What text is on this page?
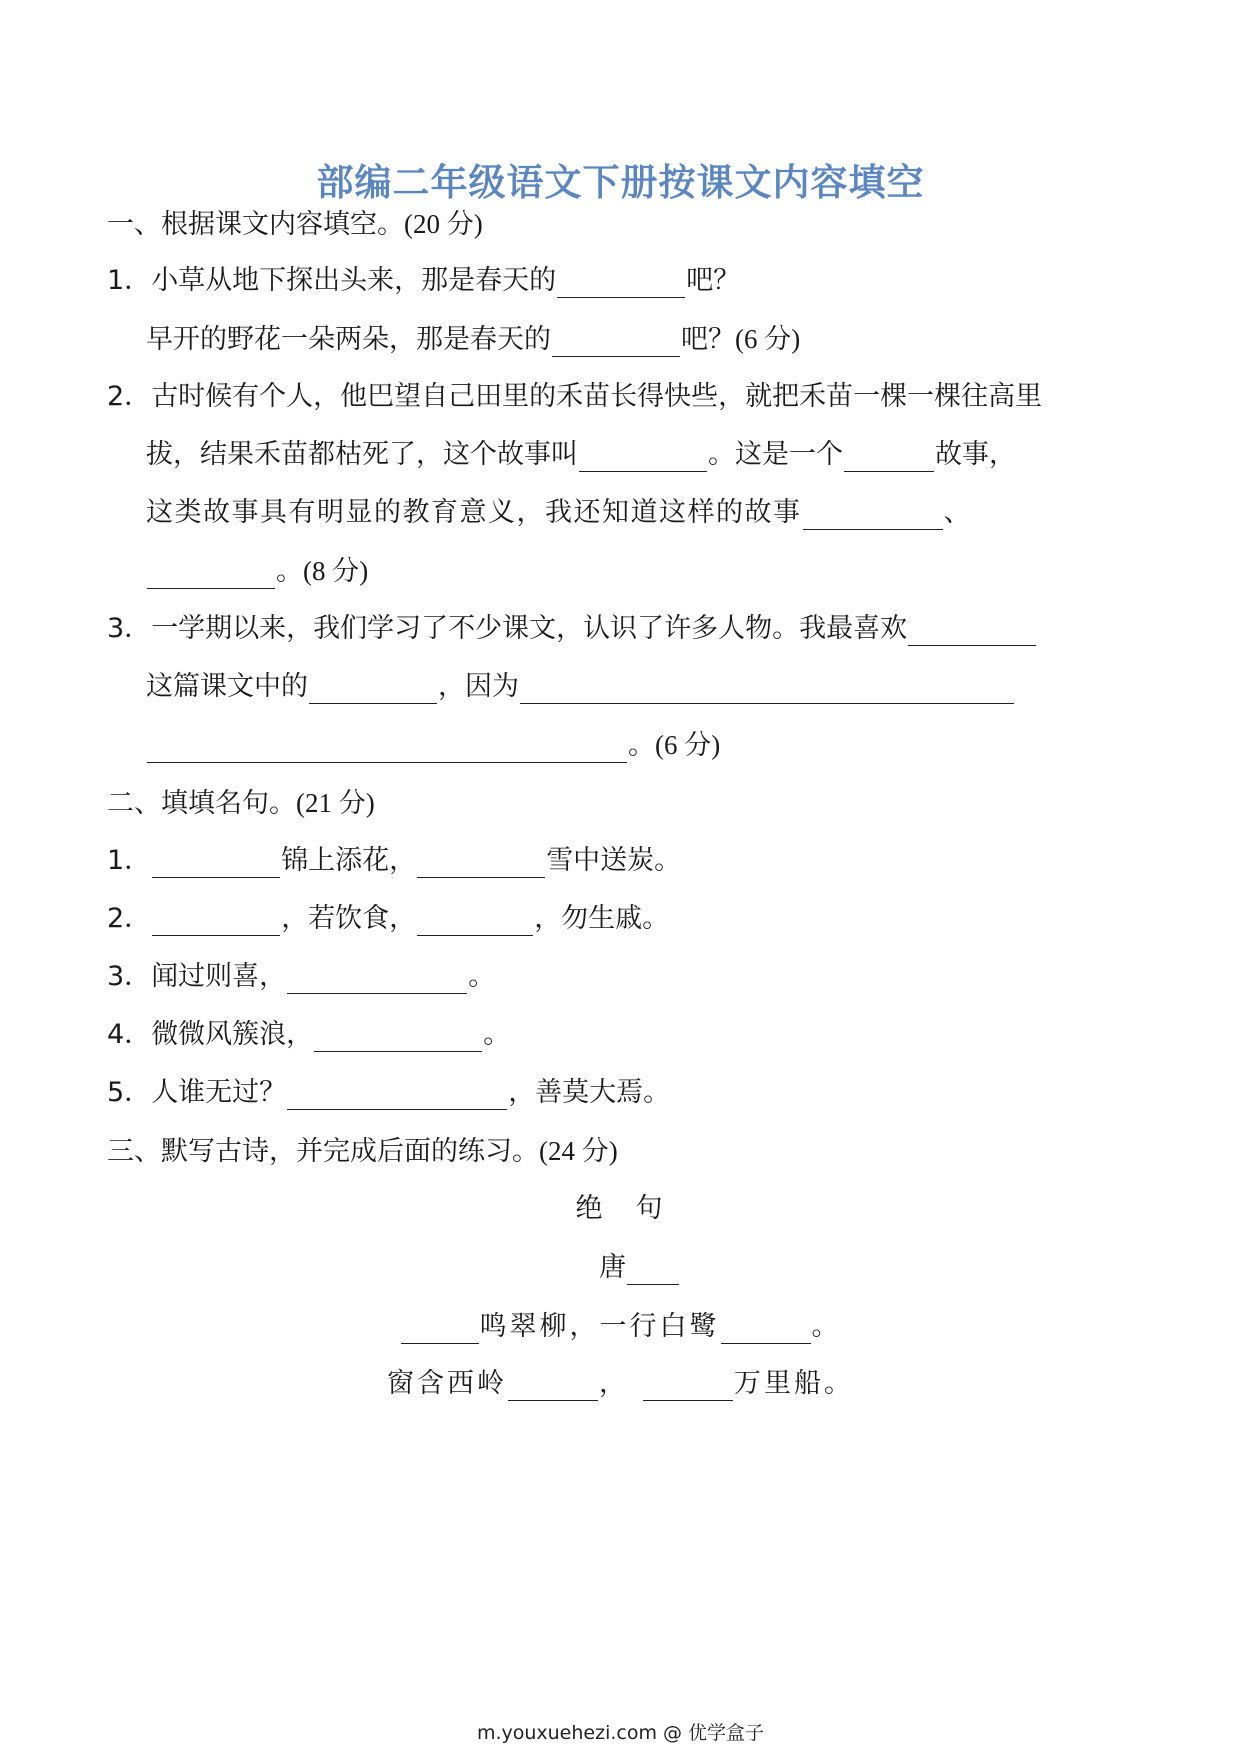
部编二年级语文下册按课文内容填空
一、根据课文内容填空。(20 分)
1．小草从地下探出头来，那是春天的	吧？
早开的野花一朵两朵，那是春天的	吧？(6 分)
2．古时候有个人，他巴望自己田里的禾苗长得快些，就把禾苗一棵一棵往高里
拔，结果禾苗都枯死了，这个故事叫	。这是一个	故事，
这类故事具有明显的教育意义，我还知道这样的故事	、
。(8 分)
3．一学期以来，我们学习了不少课文，认识了许多人物。我最喜欢
这篇课文中的	，因为
。(6 分)
二、填填名句。(21 分)
1．	锦上添花，	雪中送炭。
2．	，若饮食，	，勿生戚。
3．闻过则喜，	。
4．微微风簇浪，	。
5．人谁无过？	，善莫大焉。
三、默写古诗，并完成后面的练习。(24 分)
绝　句
唐
鸣翠柳，一行白鹭	。
窗含西岭	，	万里船。
m.youxuehezi.com @ 优学盒子
